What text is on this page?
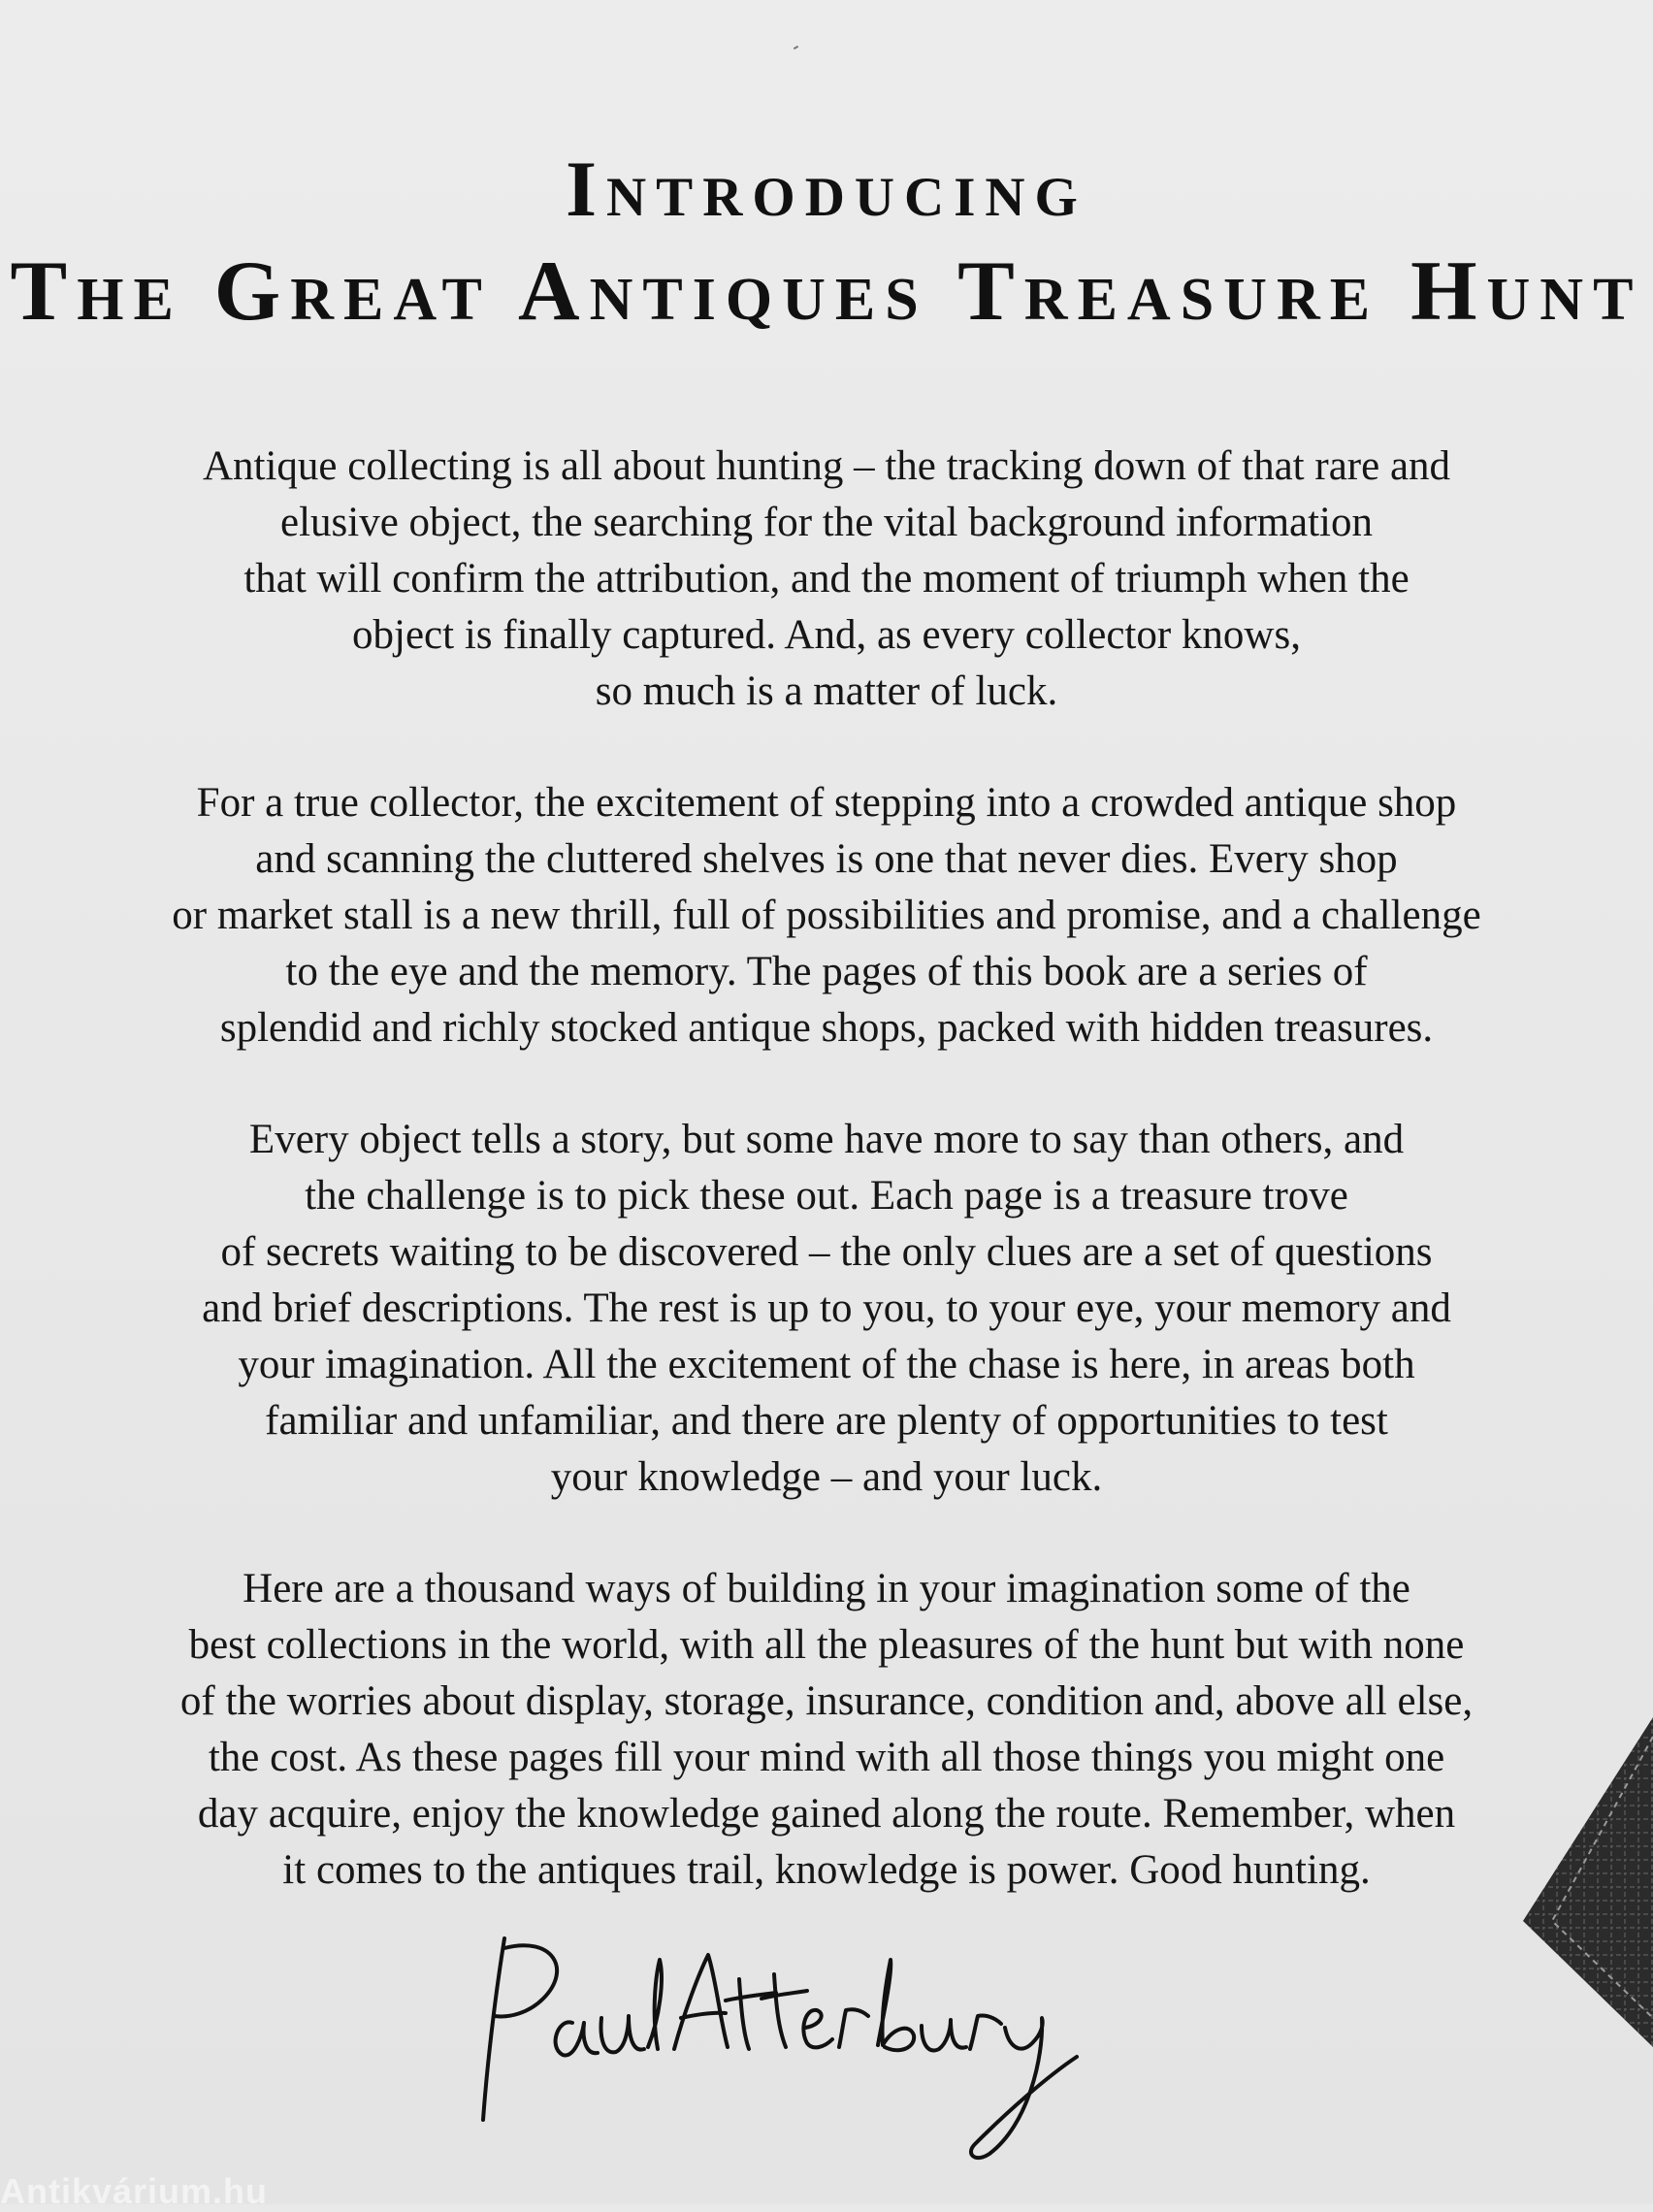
Introducing
The Great Antiques Treasure Hunt

Antique collecting is all about hunting – the tracking down of that rare and
elusive object, the searching for the vital background information
that will confirm the attribution, and the moment of triumph when the
object is finally captured. And, as every collector knows,
so much is a matter of luck.

For a true collector, the excitement of stepping into a crowded antique shop
and scanning the cluttered shelves is one that never dies. Every shop
or market stall is a new thrill, full of possibilities and promise, and a challenge
to the eye and the memory. The pages of this book are a series of
splendid and richly stocked antique shops, packed with hidden treasures.

Every object tells a story, but some have more to say than others, and
the challenge is to pick these out. Each page is a treasure trove
of secrets waiting to be discovered – the only clues are a set of questions
and brief descriptions. The rest is up to you, to your eye, your memory and
your imagination. All the excitement of the chase is here, in areas both
familiar and unfamiliar, and there are plenty of opportunities to test
your knowledge – and your luck.

Here are a thousand ways of building in your imagination some of the
best collections in the world, with all the pleasures of the hunt but with none
of the worries about display, storage, insurance, condition and, above all else,
the cost. As these pages fill your mind with all those things you might one
day acquire, enjoy the knowledge gained along the route. Remember, when
it comes to the antiques trail, knowledge is power. Good hunting.

Antikvárium.hu
